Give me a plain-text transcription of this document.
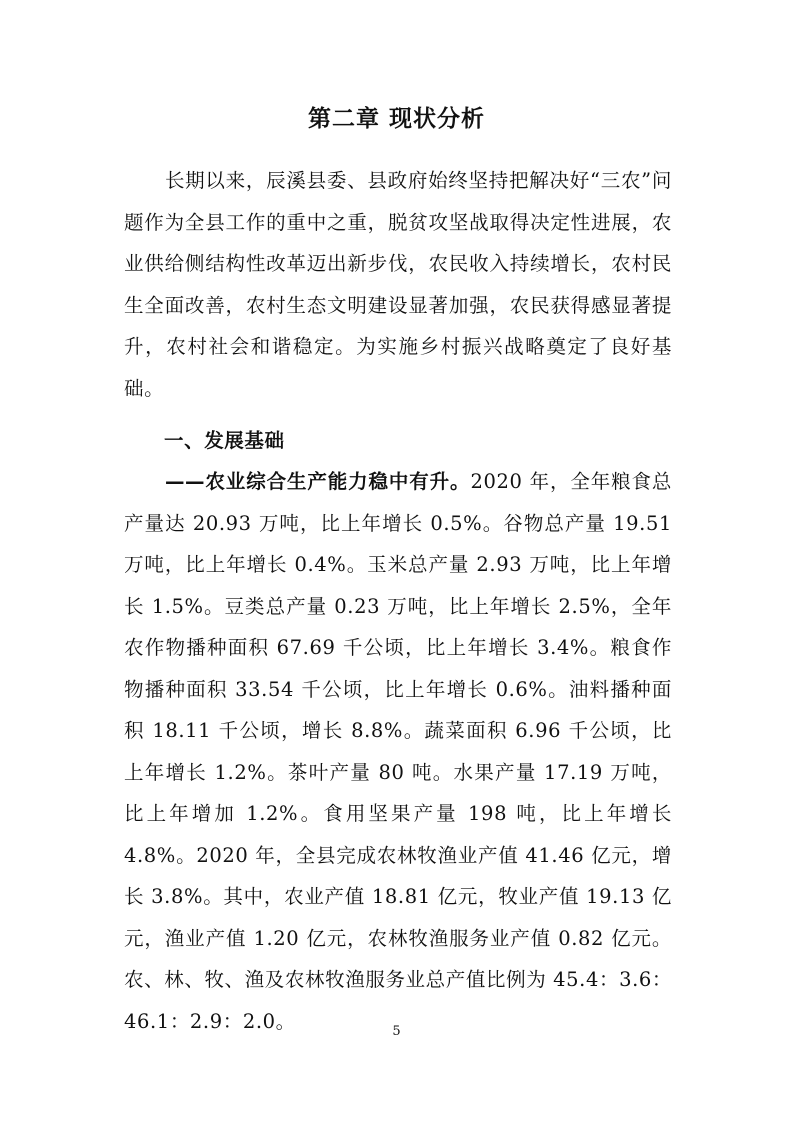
第二章 现状分析

长期以来，辰溪县委、县政府始终坚持把解决好“三农”问题作为全县工作的重中之重，脱贫攻坚战取得决定性进展，农业供给侧结构性改革迈出新步伐，农民收入持续增长，农村民生全面改善，农村生态文明建设显著加强，农民获得感显著提升，农村社会和谐稳定。为实施乡村振兴战略奠定了良好基础。

一、发展基础

——农业综合生产能力稳中有升。2020 年，全年粮食总产量达 20.93 万吨，比上年增长 0.5%。谷物总产量 19.51 万吨，比上年增长 0.4%。玉米总产量 2.93 万吨，比上年增长 1.5%。豆类总产量 0.23 万吨，比上年增长 2.5%，全年农作物播种面积 67.69 千公顷，比上年增长 3.4%。粮食作物播种面积 33.54 千公顷，比上年增长 0.6%。油料播种面积 18.11 千公顷，增长 8.8%。蔬菜面积 6.96 千公顷，比上年增长 1.2%。茶叶产量 80 吨。水果产量 17.19 万吨，比上年增加 1.2%。食用坚果产量 198 吨，比上年增长 4.8%。2020 年，全县完成农林牧渔业产值 41.46 亿元，增长 3.8%。其中，农业产值 18.81 亿元，牧业产值 19.13 亿元，渔业产值 1.20 亿元，农林牧渔服务业产值 0.82 亿元。农、林、牧、渔及农林牧渔服务业总产值比例为 45.4：3.6：46.1：2.9：2.0。	5
